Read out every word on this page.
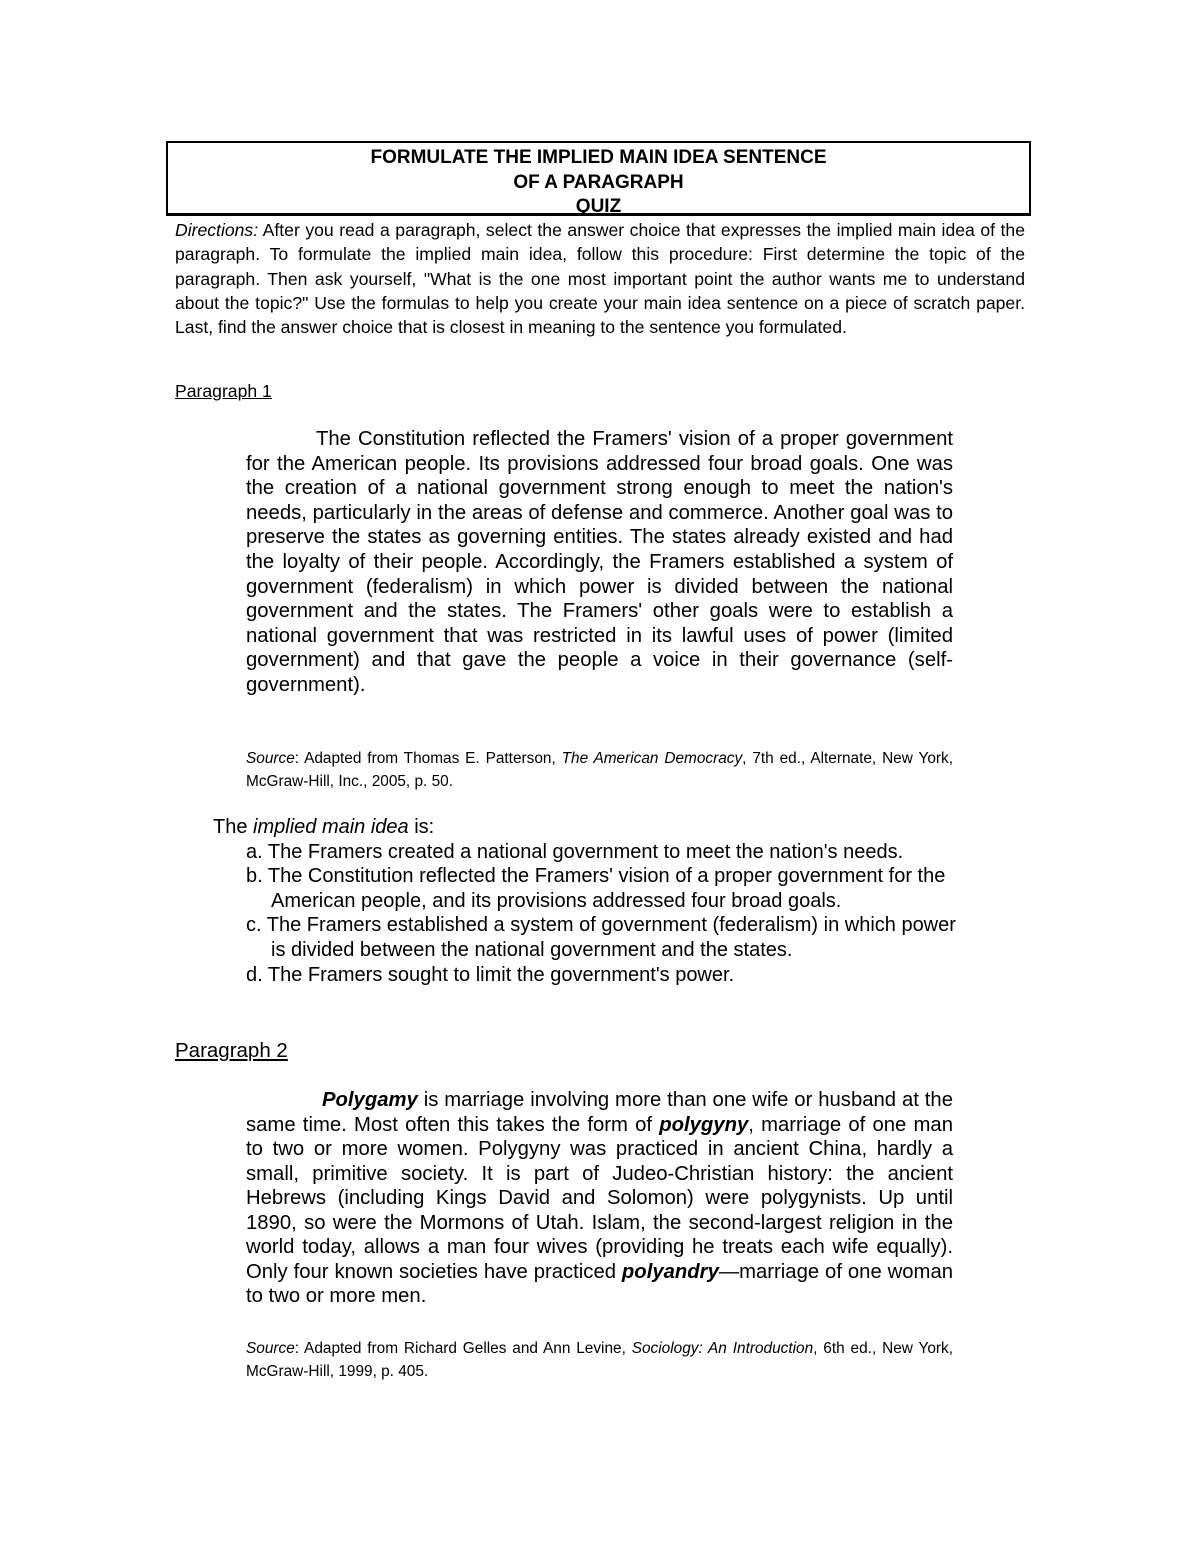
FORMULATE THE IMPLIED MAIN IDEA SENTENCE
OF A PARAGRAPH
QUIZ
Directions: After you read a paragraph, select the answer choice that expresses the implied main idea of the paragraph. To formulate the implied main idea, follow this procedure: First determine the topic of the paragraph. Then ask yourself, "What is the one most important point the author wants me to understand about the topic?" Use the formulas to help you create your main idea sentence on a piece of scratch paper. Last, find the answer choice that is closest in meaning to the sentence you formulated.
Paragraph 1
The Constitution reflected the Framers' vision of a proper government for the American people. Its provisions addressed four broad goals. One was the creation of a national government strong enough to meet the nation's needs, particularly in the areas of defense and commerce. Another goal was to preserve the states as governing entities. The states already existed and had the loyalty of their people. Accordingly, the Framers established a system of government (federalism) in which power is divided between the national government and the states. The Framers' other goals were to establish a national government that was restricted in its lawful uses of power (limited government) and that gave the people a voice in their governance (self-government).
Source: Adapted from Thomas E. Patterson, The American Democracy, 7th ed., Alternate, New York, McGraw-Hill, Inc., 2005, p. 50.
The implied main idea is:
a. The Framers created a national government to meet the nation's needs.
b. The Constitution reflected the Framers' vision of a proper government for the American people, and its provisions addressed four broad goals.
c. The Framers established a system of government (federalism) in which power is divided between the national government and the states.
d. The Framers sought to limit the government's power.
Paragraph 2
Polygamy is marriage involving more than one wife or husband at the same time. Most often this takes the form of polygyny, marriage of one man to two or more women. Polygyny was practiced in ancient China, hardly a small, primitive society. It is part of Judeo-Christian history: the ancient Hebrews (including Kings David and Solomon) were polygynists. Up until 1890, so were the Mormons of Utah. Islam, the second-largest religion in the world today, allows a man four wives (providing he treats each wife equally). Only four known societies have practiced polyandry—marriage of one woman to two or more men.
Source: Adapted from Richard Gelles and Ann Levine, Sociology: An Introduction, 6th ed., New York, McGraw-Hill, 1999, p. 405.
